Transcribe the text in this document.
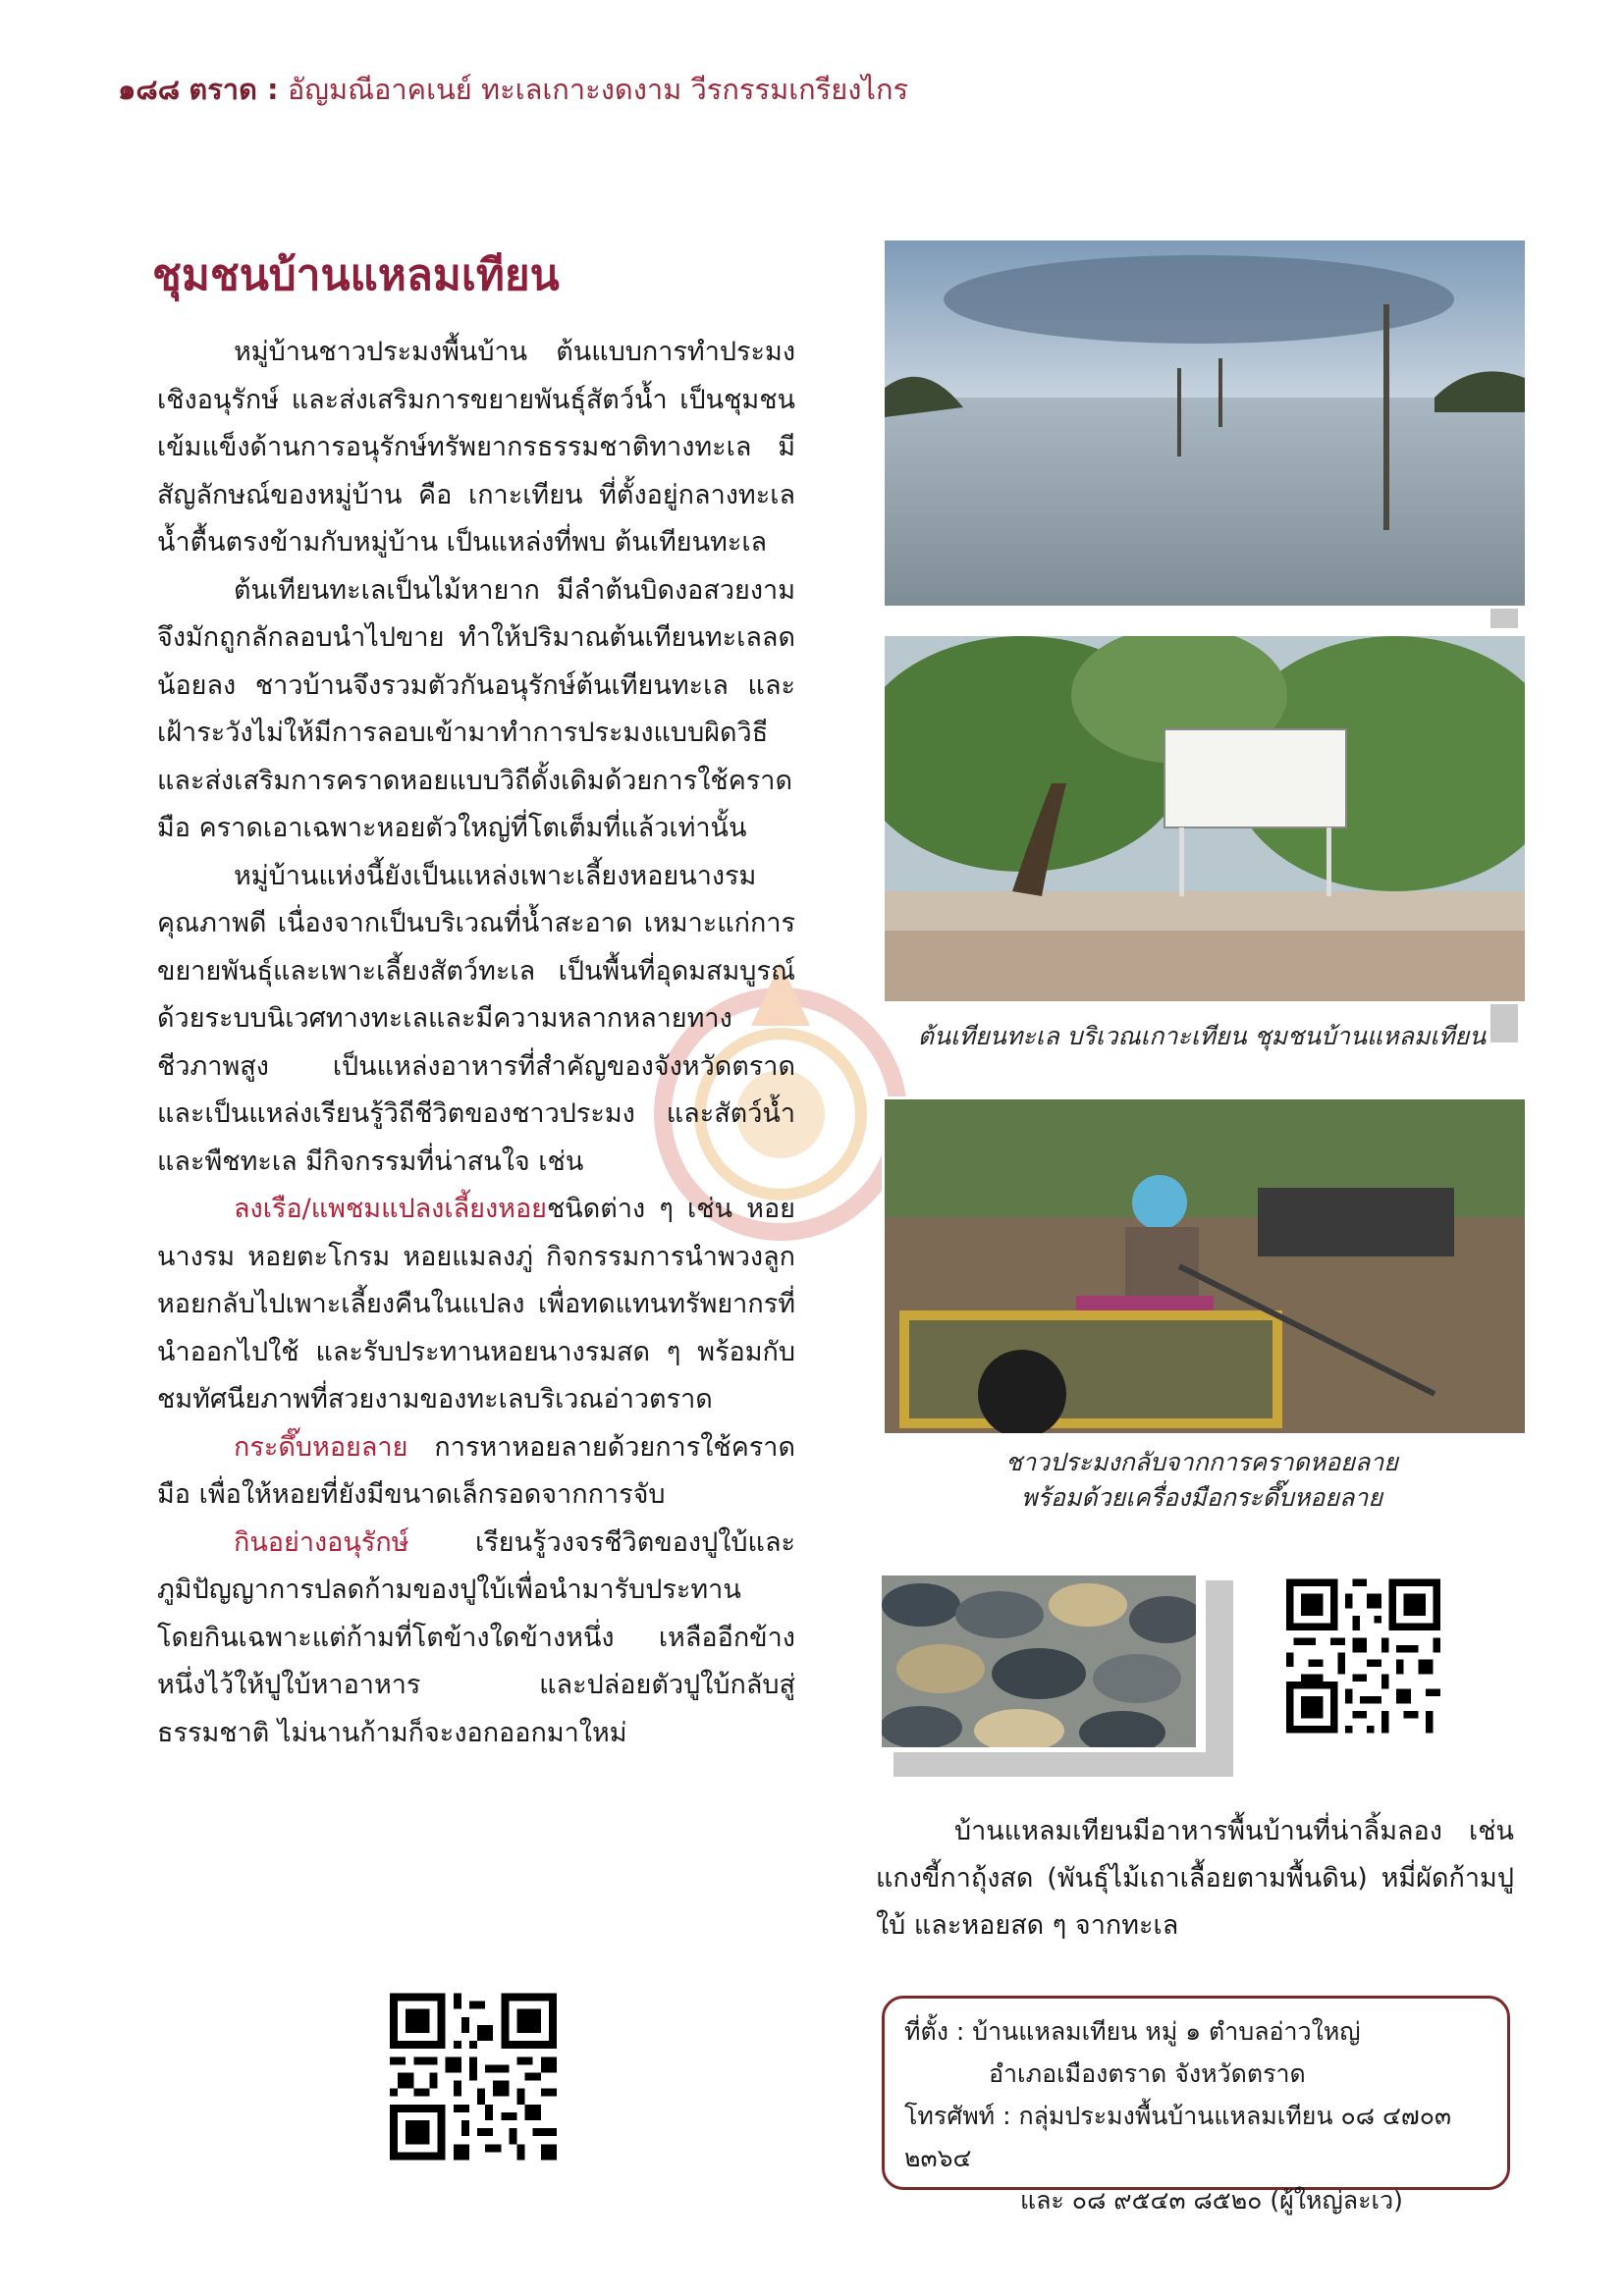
๑๘๘ ตราด : อัญมณีอาคเนย์ ทะเลเกาะงดงาม วีรกรรมเกรียงไกร
ชุมชนบ้านแหลมเทียน

หมู่บ้านชาวประมงพื้นบ้าน ต้นแบบการทำประมงเชิงอนุรักษ์ และส่งเสริมการขยายพันธุ์สัตว์น้ำ เป็นชุมชนเข้มแข็งด้านการอนุรักษ์ทรัพยากรธรรมชาติทางทะเล มีสัญลักษณ์ของหมู่บ้าน คือ เกาะเทียน ที่ตั้งอยู่กลางทะเลน้ำตื้นตรงข้ามกับหมู่บ้าน เป็นแหล่งที่พบ ต้นเทียนทะเล

ต้นเทียนทะเลเป็นไม้หายาก มีลำต้นบิดงอสวยงาม จึงมักถูกลักลอบนำไปขาย ทำให้ปริมาณต้นเทียนทะเลลดน้อยลง ชาวบ้านจึงรวมตัวกันอนุรักษ์ต้นเทียนทะเล และเฝ้าระวังไม่ให้มีการลอบเข้ามาทำการประมงแบบผิดวิธี และส่งเสริมการคราดหอยแบบวิถีดั้งเดิมด้วยการใช้คราดมือ คราดเอาเฉพาะหอยตัวใหญ่ที่โตเต็มที่แล้วเท่านั้น

หมู่บ้านแห่งนี้ยังเป็นแหล่งเพาะเลี้ยงหอยนางรมคุณภาพดี เนื่องจากเป็นบริเวณที่น้ำสะอาด เหมาะแก่การขยายพันธุ์และเพาะเลี้ยงสัตว์ทะเล เป็นพื้นที่อุดมสมบูรณ์ด้วยระบบนิเวศทางทะเลและมีความหลากหลายทางชีวภาพสูง เป็นแหล่งอาหารที่สำคัญของจังหวัดตราด และเป็นแหล่งเรียนรู้วิถีชีวิตของชาวประมง และสัตว์น้ำและพืชทะเล มีกิจกรรมที่น่าสนใจ เช่น

ลงเรือ/แพชมแปลงเลี้ยงหอยชนิดต่าง ๆ เช่น หอยนางรม หอยตะโกรม หอยแมลงภู่ กิจกรรมการนำพวงลูกหอยกลับไปเพาะเลี้ยงคืนในแปลง เพื่อทดแทนทรัพยากรที่นำออกไปใช้ และรับประทานหอยนางรมสด ๆ พร้อมกับชมทัศนียภาพที่สวยงามของทะเลบริเวณอ่าวตราด

กระดึ๊บหอยลาย การหาหอยลายด้วยการใช้คราดมือ เพื่อให้หอยที่ยังมีขนาดเล็กรอดจากการจับ

กินอย่างอนุรักษ์ เรียนรู้วงจรชีวิตของปูใบ้และภูมิปัญญาการปลดก้ามของปูใบ้เพื่อนำมารับประทาน โดยกินเฉพาะแต่ก้ามที่โตข้างใดข้างหนึ่ง เหลืออีกข้างหนึ่งไว้ให้ปูใบ้หาอาหาร และปล่อยตัวปูใบ้กลับสู่ธรรมชาติ ไม่นานก้ามก็จะงอกออกมาใหม่

ต้นเทียนทะเล บริเวณเกาะเทียน ชุมชนบ้านแหลมเทียน
ชาวประมงกลับจากการคราดหอยลาย
พร้อมด้วยเครื่องมือกระดึ๊บหอยลาย

บ้านแหลมเทียนมีอาหารพื้นบ้านที่น่าลิ้มลอง เช่น แกงขี้กาถุ้งสด (พันธุ์ไม้เถาเลื้อยตามพื้นดิน) หมี่ผัดก้ามปูใบ้ และหอยสด ๆ จากทะเล

ที่ตั้ง : บ้านแหลมเทียน หมู่ ๑ ตำบลอ่าวใหญ่
อำเภอเมืองตราด จังหวัดตราด
โทรศัพท์ : กลุ่มประมงพื้นบ้านแหลมเทียน ๐๘ ๔๗๐๓ ๒๓๖๔
และ ๐๘ ๙๕๔๓ ๘๕๒๐ (ผู้ใหญ่ละเว)
